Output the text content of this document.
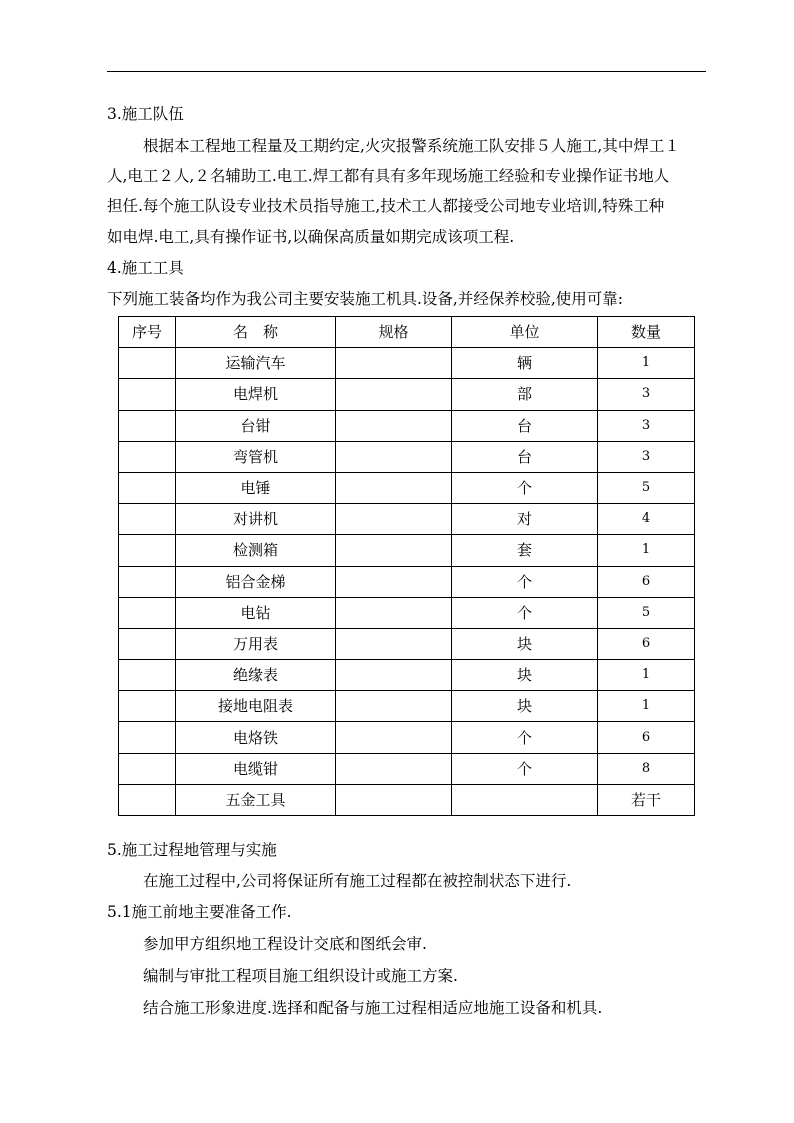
3.施工队伍
根据本工程地工程量及工期约定,火灾报警系统施工队安排５人施工,其中焊工１
人,电工２人,２名辅助工.电工.焊工都有具有多年现场施工经验和专业操作证书地人
担任.每个施工队设专业技术员指导施工,技术工人都接受公司地专业培训,特殊工种
如电焊.电工,具有操作证书,以确保高质量如期完成该项工程.
4.施工工具
下列施工装备均作为我公司主要安装施工机具.设备,并经保养校验,使用可靠:
序号	名　称	规格	单位	数量
	运输汽车		辆	1
	电焊机		部	3
	台钳		台	3
	弯管机		台	3
	电锤		个	5
	对讲机		对	4
	检测箱		套	1
	铝合金梯		个	6
	电钻		个	5
	万用表		块	6
	绝缘表		块	1
	接地电阻表		块	1
	电烙铁		个	6
	电缆钳		个	8
	五金工具			若干
5.施工过程地管理与实施
在施工过程中,公司将保证所有施工过程都在被控制状态下进行.
5.1施工前地主要准备工作.
参加甲方组织地工程设计交底和图纸会审.
编制与审批工程项目施工组织设计或施工方案.
结合施工形象进度.选择和配备与施工过程相适应地施工设备和机具.
